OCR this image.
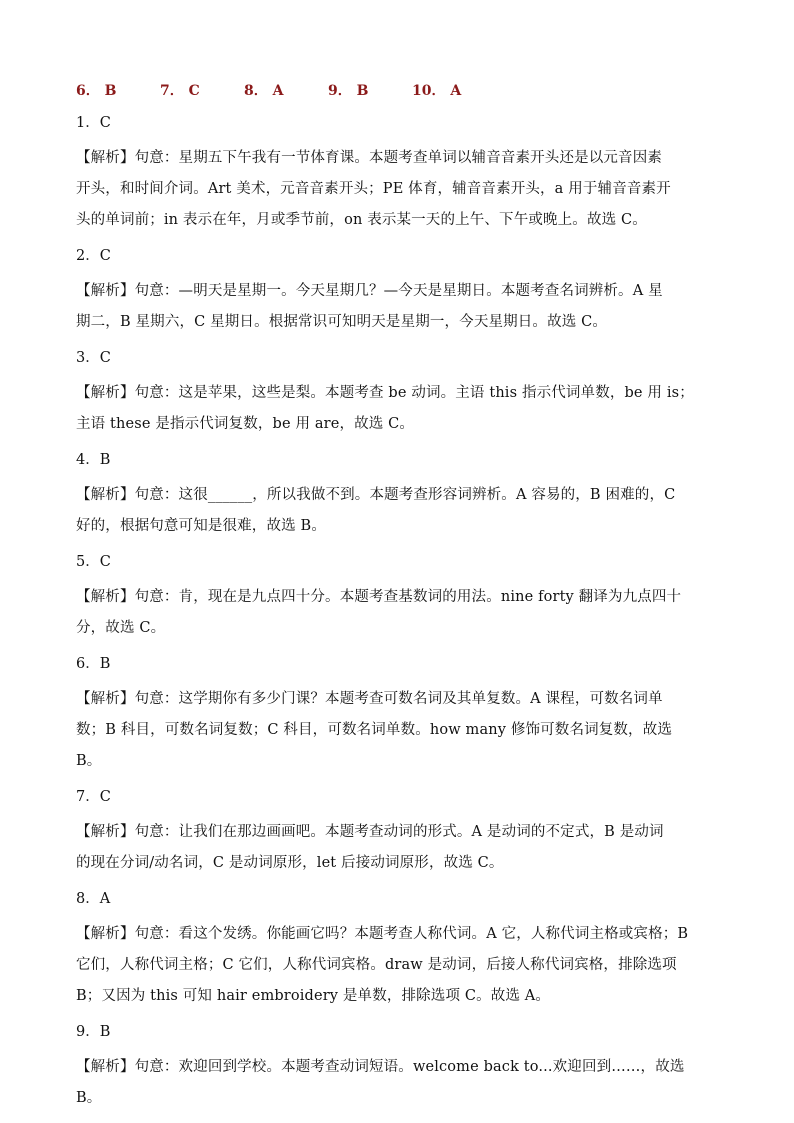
6． B	7． C	8． A	9． B	10． A
1．C
【解析】句意：星期五下午我有一节体育课。本题考查单词以辅音音素开头还是以元音因素
开头，和时间介词。Art 美术，元音音素开头；PE 体育，辅音音素开头，a 用于辅音音素开
头的单词前；in 表示在年，月或季节前，on 表示某一天的上午、下午或晚上。故选 C。
2．C
【解析】句意：—明天是星期一。今天星期几？—今天是星期日。本题考查名词辨析。A 星
期二，B 星期六，C 星期日。根据常识可知明天是星期一，今天星期日。故选 C。
3．C
【解析】句意：这是苹果，这些是梨。本题考查 be 动词。主语 this 指示代词单数，be 用 is；
主语 these 是指示代词复数，be 用 are，故选 C。
4．B
【解析】句意：这很______，所以我做不到。本题考查形容词辨析。A 容易的，B 困难的，C
好的，根据句意可知是很难，故选 B。
5．C
【解析】句意：肯，现在是九点四十分。本题考查基数词的用法。nine forty 翻译为九点四十
分，故选 C。
6．B
【解析】句意：这学期你有多少门课？本题考查可数名词及其单复数。A 课程，可数名词单
数；B 科目，可数名词复数；C 科目，可数名词单数。how many 修饰可数名词复数，故选
B。
7．C
【解析】句意：让我们在那边画画吧。本题考查动词的形式。A 是动词的不定式，B 是动词
的现在分词/动名词，C 是动词原形，let 后接动词原形，故选 C。
8．A
【解析】句意：看这个发绣。你能画它吗？本题考查人称代词。A 它，人称代词主格或宾格；B
它们，人称代词主格；C 它们，人称代词宾格。draw 是动词，后接人称代词宾格，排除选项
B；又因为 this 可知 hair embroidery 是单数，排除选项 C。故选 A。
9．B
【解析】句意：欢迎回到学校。本题考查动词短语。welcome back to...欢迎回到……，故选
B。
